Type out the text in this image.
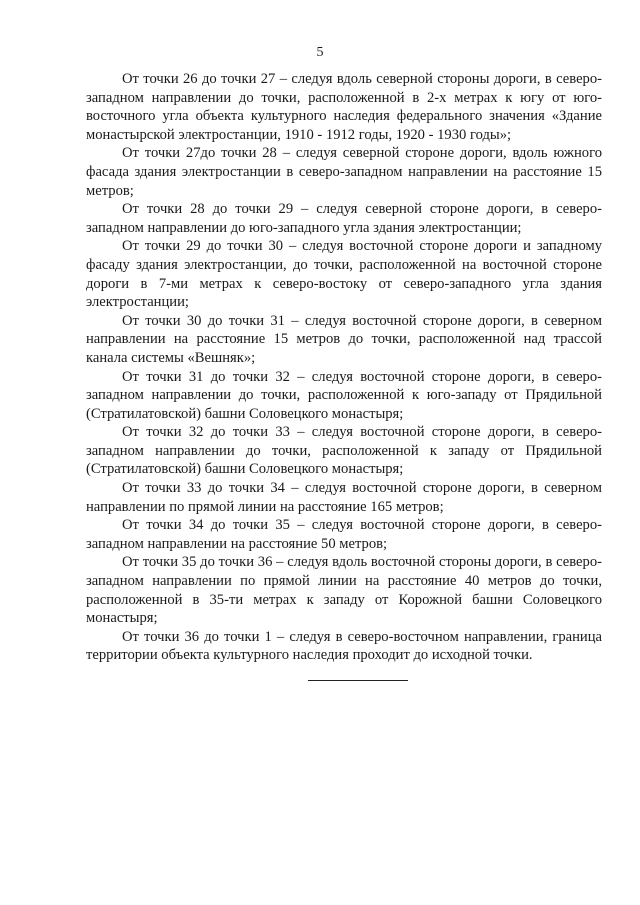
5

От точки 26 до точки 27 – следуя вдоль северной стороны дороги, в северо-западном направлении до точки, расположенной в 2-х метрах к югу от юго-восточного угла объекта культурного наследия федерального значения «Здание монастырской электростанции, 1910 - 1912 годы, 1920 - 1930 годы»;

От точки 27до точки 28 – следуя северной стороне дороги, вдоль южного фасада здания электростанции в северо-западном направлении на расстояние 15 метров;

От точки 28 до точки 29 – следуя северной стороне дороги, в северо-западном направлении до юго-западного угла здания электростанции;

От точки 29 до точки 30 – следуя восточной стороне дороги и западному фасаду здания электростанции, до точки, расположенной на восточной стороне дороги в 7-ми метрах к северо-востоку от северо-западного угла здания электростанции;

От точки 30 до точки 31 – следуя восточной стороне дороги, в северном направлении на расстояние 15 метров до точки, расположенной над трассой канала системы «Вешняк»;

От точки 31 до точки 32 – следуя восточной стороне дороги, в северо-западном направлении до точки, расположенной к юго-западу от Прядильной (Стратилатовской) башни Соловецкого монастыря;

От точки 32 до точки 33 – следуя восточной стороне дороги, в северо-западном направлении до точки, расположенной к западу от Прядильной (Стратилатовской) башни Соловецкого монастыря;

От точки 33 до точки 34 – следуя восточной стороне дороги, в северном направлении по прямой линии на расстояние 165 метров;

От точки 34 до точки 35 – следуя восточной стороне дороги, в северо-западном направлении на расстояние 50 метров;

От точки 35 до точки 36 – следуя вдоль восточной стороны дороги, в северо-западном направлении по прямой линии на расстояние 40 метров до точки, расположенной в 35-ти метрах к западу от Корожной башни Соловецкого монастыря;

От точки 36 до точки 1 – следуя в северо-восточном направлении, граница территории объекта культурного наследия проходит до исходной точки.
